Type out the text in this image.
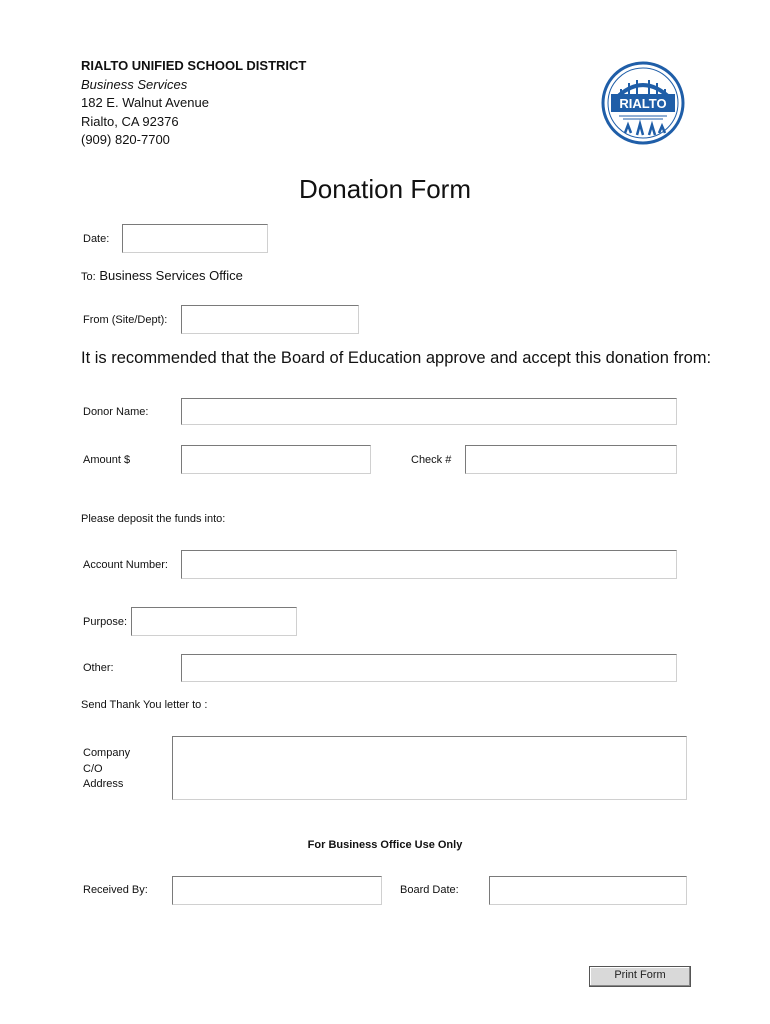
RIALTO UNIFIED SCHOOL DISTRICT
Business Services
182 E. Walnut Avenue
Rialto, CA 92376
(909) 820-7700
RIALTO
Donation Form
Date:
To: Business Services Office
From (Site/Dept):
It is recommended that the Board of Education approve and accept this donation from:
Donor Name:
Amount $	Check #
Please deposit the funds into:
Account Number:
Purpose:
Other:
Send Thank You letter to :
Company
C/O
Address
For Business Office Use Only
Received By:	Board Date:
Print Form
